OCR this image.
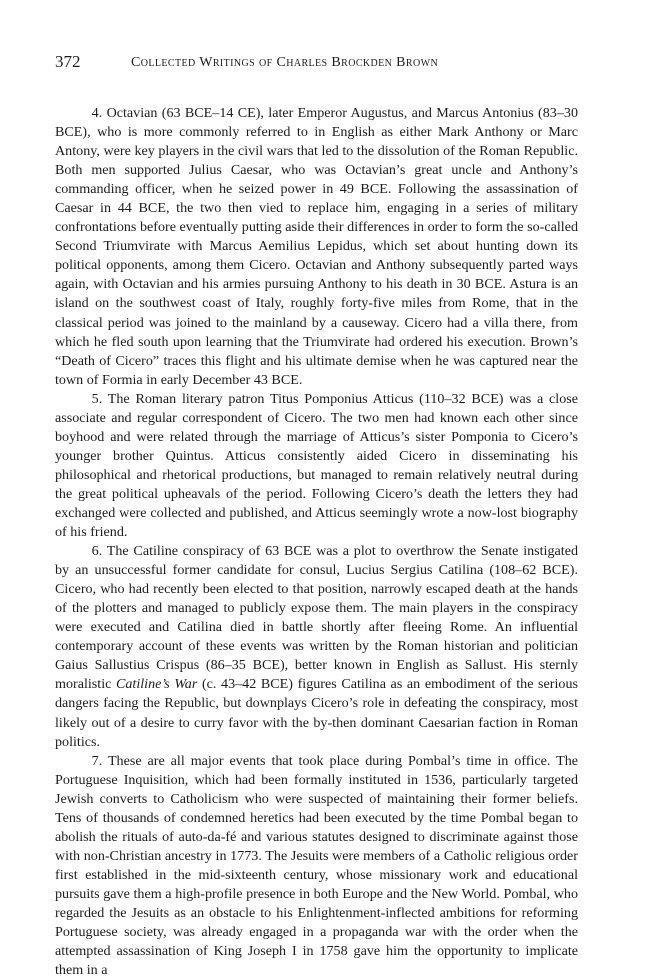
372	Collected Writings of Charles Brockden Brown

4. Octavian (63 BCE–14 CE), later Emperor Augustus, and Marcus Antonius (83–30 BCE), who is more commonly referred to in English as either Mark Anthony or Marc Antony, were key players in the civil wars that led to the dissolution of the Roman Republic. Both men supported Julius Caesar, who was Octavian’s great uncle and Anthony’s commanding officer, when he seized power in 49 BCE. Following the assassination of Caesar in 44 BCE, the two then vied to replace him, engaging in a series of military confrontations before eventually putting aside their differences in order to form the so-called Second Triumvirate with Marcus Aemilius Lepidus, which set about hunting down its political opponents, among them Cicero. Octavian and Anthony subsequently parted ways again, with Octavian and his armies pursuing Anthony to his death in 30 BCE. Astura is an island on the southwest coast of Italy, roughly forty-five miles from Rome, that in the classical period was joined to the mainland by a causeway. Cicero had a villa there, from which he fled south upon learning that the Triumvirate had ordered his execution. Brown’s “Death of Cicero” traces this flight and his ultimate demise when he was captured near the town of Formia in early December 43 BCE.

5. The Roman literary patron Titus Pomponius Atticus (110–32 BCE) was a close associate and regular correspondent of Cicero. The two men had known each other since boyhood and were related through the marriage of Atticus’s sister Pomponia to Cicero’s younger brother Quintus. Atticus consistently aided Cicero in disseminating his philosophical and rhetorical productions, but managed to remain relatively neutral during the great political upheavals of the period. Following Cicero’s death the letters they had exchanged were collected and published, and Atticus seemingly wrote a now-lost biography of his friend.

6. The Catiline conspiracy of 63 BCE was a plot to overthrow the Senate instigated by an unsuccessful former candidate for consul, Lucius Sergius Catilina (108–62 BCE). Cicero, who had recently been elected to that position, narrowly escaped death at the hands of the plotters and managed to publicly expose them. The main players in the conspiracy were executed and Catilina died in battle shortly after fleeing Rome. An influential contemporary account of these events was written by the Roman historian and politician Gaius Sallustius Crispus (86–35 BCE), better known in English as Sallust. His sternly moralistic Catiline’s War (c. 43–42 BCE) figures Catilina as an embodiment of the serious dangers facing the Republic, but downplays Cicero’s role in defeating the conspiracy, most likely out of a desire to curry favor with the by-then dominant Caesarian faction in Roman politics.

7. These are all major events that took place during Pombal’s time in office. The Portuguese Inquisition, which had been formally instituted in 1536, particularly targeted Jewish converts to Catholicism who were suspected of maintaining their former beliefs. Tens of thousands of condemned heretics had been executed by the time Pombal began to abolish the rituals of auto-da-fé and various statutes designed to discriminate against those with non-Christian ancestry in 1773. The Jesuits were members of a Catholic religious order first established in the mid-sixteenth century, whose missionary work and educational pursuits gave them a high-profile presence in both Europe and the New World. Pombal, who regarded the Jesuits as an obstacle to his Enlightenment-inflected ambitions for reforming Portuguese society, was already engaged in a propaganda war with the order when the attempted assassination of King Joseph I in 1758 gave him the opportunity to implicate them in a
